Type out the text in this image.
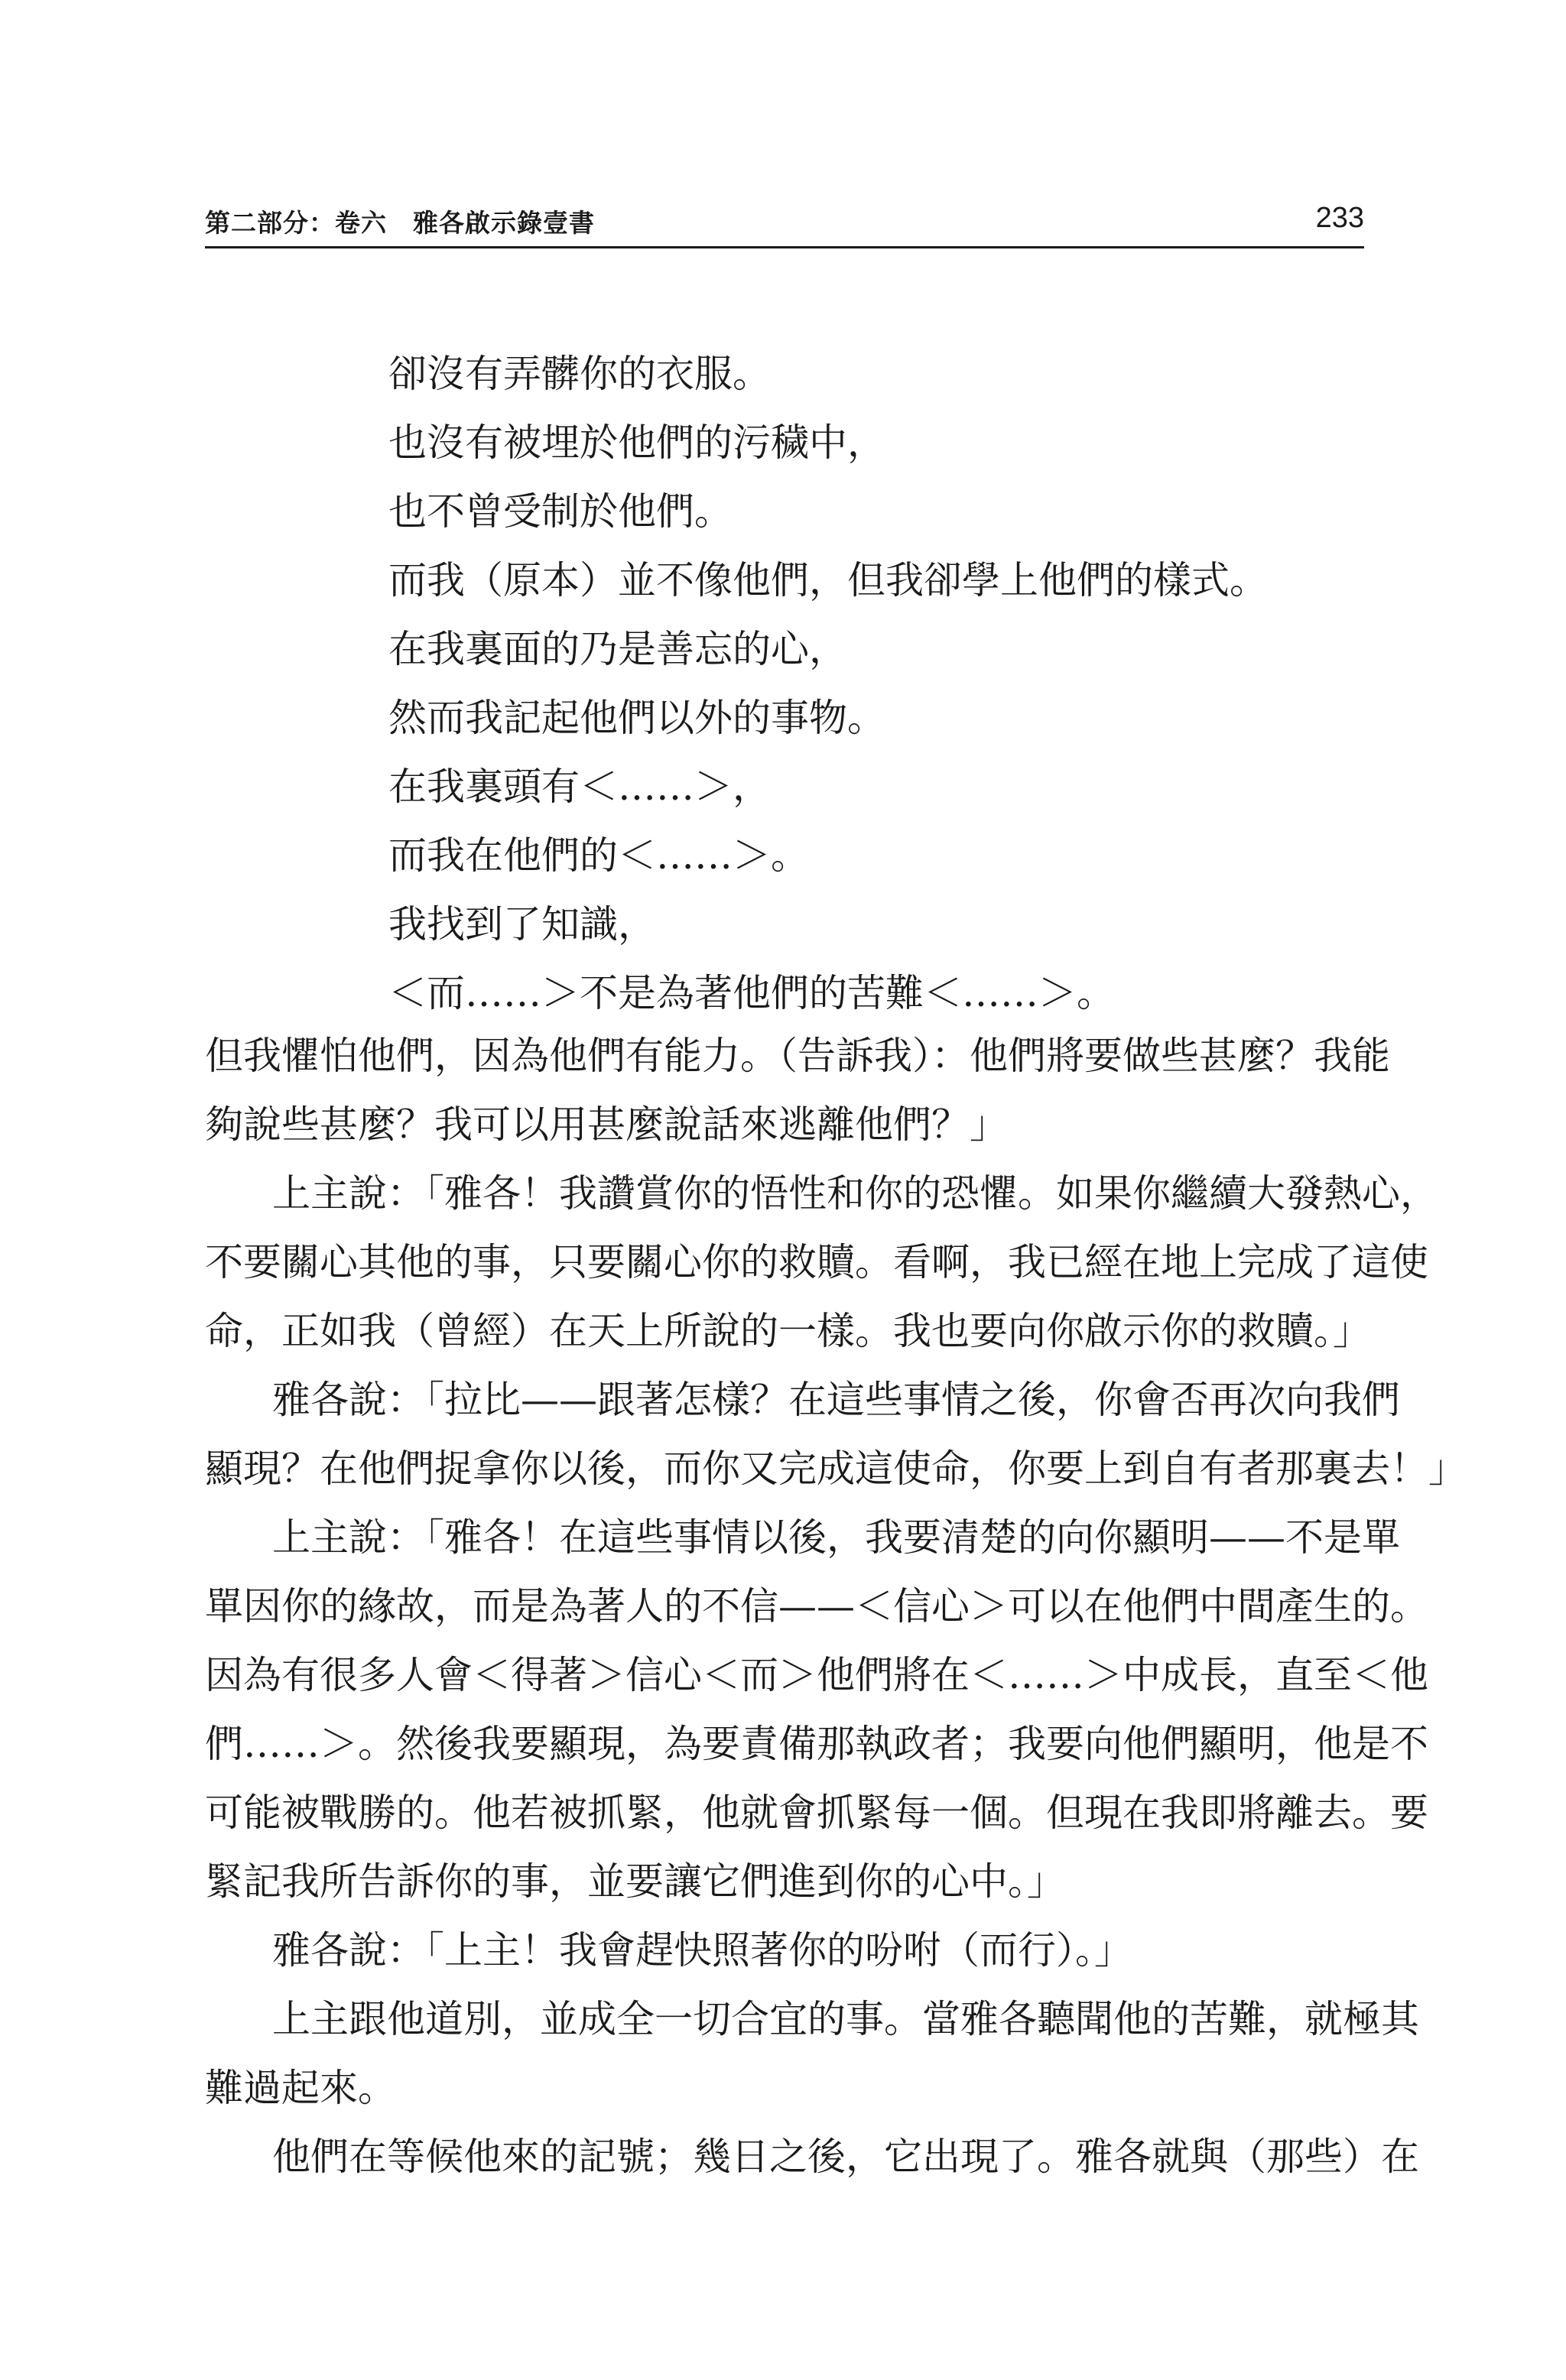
第二部分：卷六　雅各啟示錄壹書	233
卻沒有弄髒你的衣服。
也沒有被埋於他們的污穢中，
也不曾受制於他們。
而我（原本）並不像他們，但我卻學上他們的樣式。
在我裏面的乃是善忘的心，
然而我記起他們以外的事物。
在我裏頭有＜……＞，
而我在他們的＜……＞。
我找到了知識，
＜而……＞不是為著他們的苦難＜……＞。
但我懼怕他們，因為他們有能力。（告訴我）：他們將要做些甚麼？我能
夠說些甚麼？我可以用甚麼說話來逃離他們？」
上主說：「雅各！我讚賞你的悟性和你的恐懼。如果你繼續大發熱心，
不要關心其他的事，只要關心你的救贖。看啊，我已經在地上完成了這使
命，正如我（曾經）在天上所說的一樣。我也要向你啟示你的救贖。」
雅各說：「拉比——跟著怎樣？在這些事情之後，你會否再次向我們
顯現？在他們捉拿你以後，而你又完成這使命，你要上到自有者那裏去！」
上主說：「雅各！在這些事情以後，我要清楚的向你顯明——不是單
單因你的緣故，而是為著人的不信——＜信心＞可以在他們中間產生的。
因為有很多人會＜得著＞信心＜而＞他們將在＜……＞中成長，直至＜他
們……＞。然後我要顯現，為要責備那執政者；我要向他們顯明，他是不
可能被戰勝的。他若被抓緊，他就會抓緊每一個。但現在我即將離去。要
緊記我所告訴你的事，並要讓它們進到你的心中。」
雅各說：「上主！我會趕快照著你的吩咐（而行）。」
上主跟他道別，並成全一切合宜的事。當雅各聽聞他的苦難，就極其
難過起來。
他們在等候他來的記號；幾日之後，它出現了。雅各就與（那些）在
